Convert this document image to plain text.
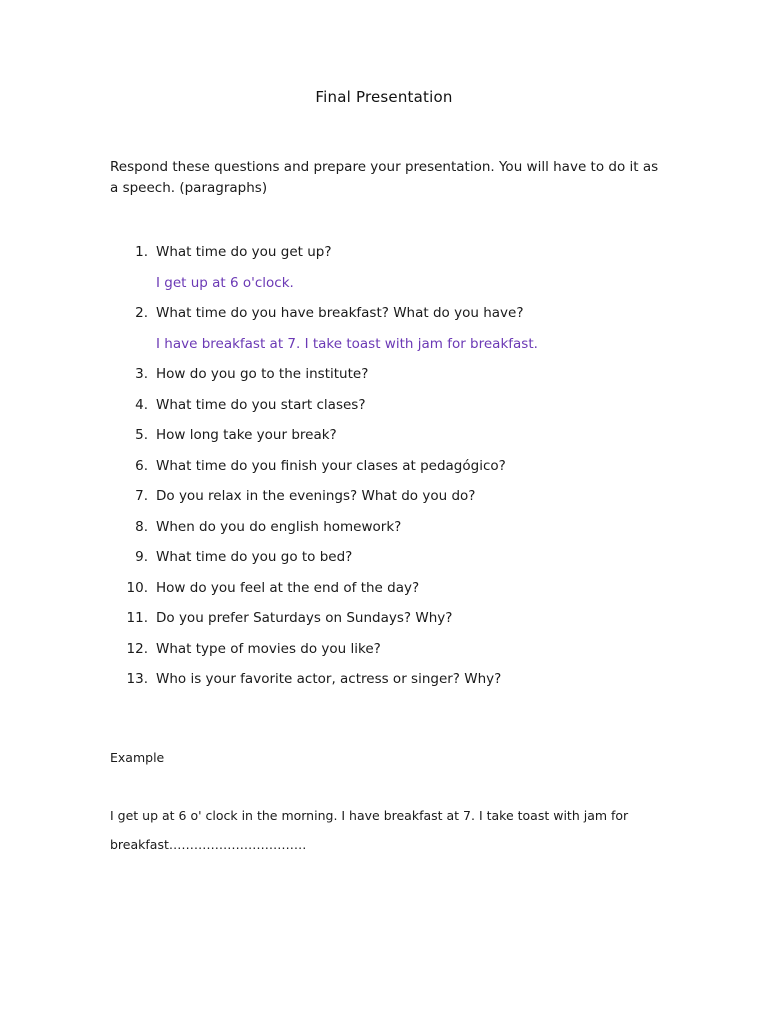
Final Presentation
Respond these questions and prepare your presentation. You will have to do it as a speech. (paragraphs)
1. What time do you get up?
I get up at 6 o'clock.
2. What time do you have breakfast? What do you have?
I have breakfast at 7. I take toast with jam for breakfast.
3. How do you go to the institute?
4. What time do you start clases?
5. How long take your break?
6. What time do you finish your clases at pedagógico?
7. Do you relax in the evenings? What do you do?
8. When do you do english homework?
9. What time do you go to bed?
10. How do you feel at the end of the day?
11. Do you prefer Saturdays on Sundays? Why?
12. What type of movies do you like?
13. Who is your favorite actor, actress or singer? Why?
Example
I get up at 6 o' clock in the morning. I have breakfast at 7. I take toast with jam for breakfast……………………………
